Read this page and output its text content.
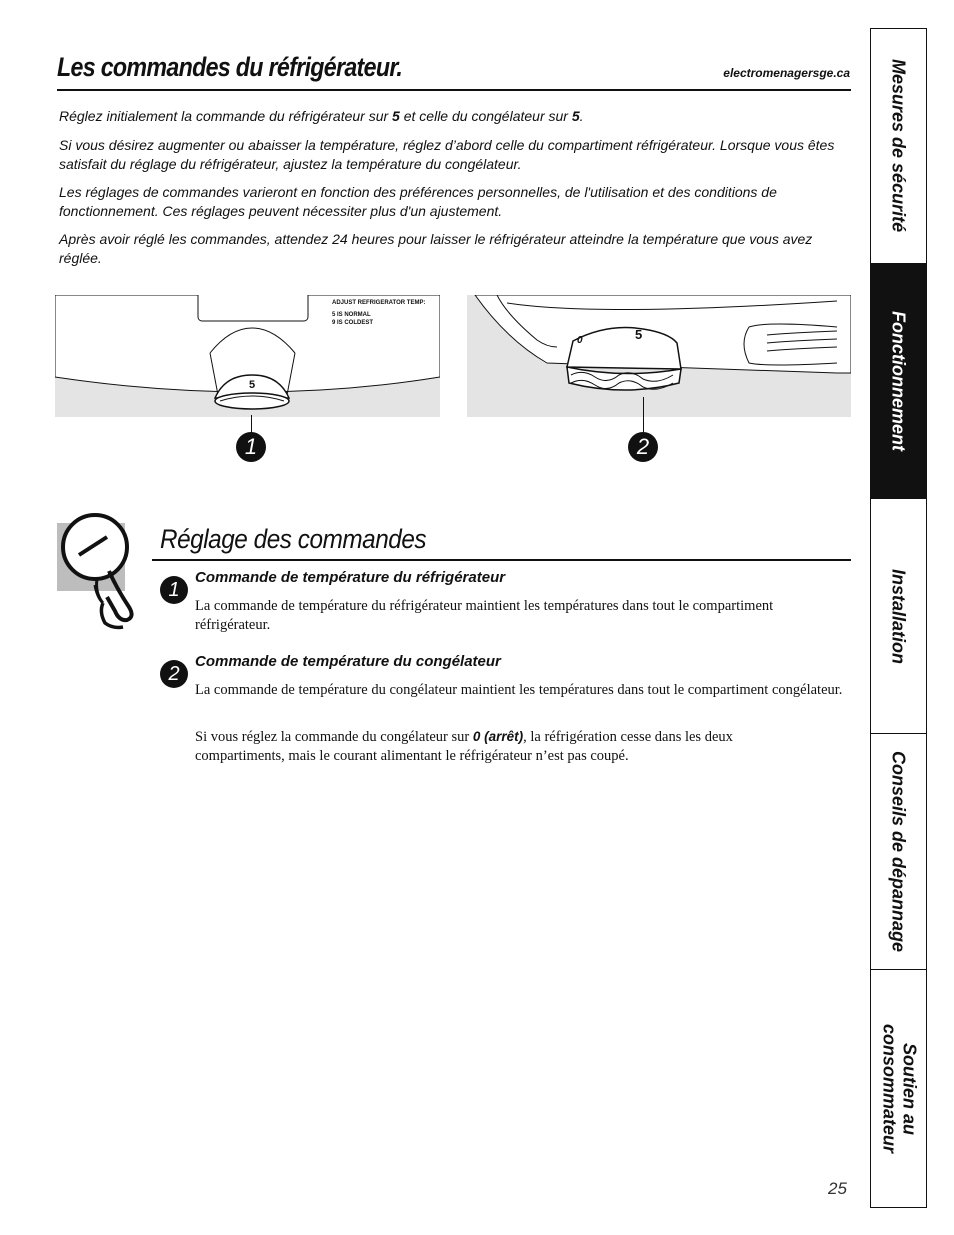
Les commandes du réfrigérateur.	electromenagersge.ca

Réglez initialement la commande du réfrigérateur sur 5 et celle du congélateur sur 5.

Si vous désirez augmenter ou abaisser la température, réglez d’abord celle du compartiment réfrigérateur. Lorsque vous êtes satisfait du réglage du réfrigérateur, ajustez la température du congélateur.

Les réglages de commandes varieront en fonction des préférences personnelles, de l'utilisation et des conditions de fonctionnement. Ces réglages peuvent nécessiter plus d'un ajustement.

Après avoir réglé les commandes, attendez 24 heures pour laisser le réfrigérateur atteindre la température que vous avez réglée.

ADJUST REFRIGERATOR TEMP:
5 IS NORMAL
9 IS COLDEST
5
1
0	5
2
Réglage des commandes
1
Commande de température du réfrigérateur
La commande de température du réfrigérateur maintient les températures dans tout le compartiment réfrigérateur.
2
Commande de température du congélateur
La commande de température du congélateur maintient les températures dans tout le compartiment congélateur.
Si vous réglez la commande du congélateur sur 0 (arrêt), la réfrigération cesse dans les deux compartiments, mais le courant alimentant le réfrigérateur n’est pas coupé.
Mesures de sécurité
Fonctionnement
Installation
Conseils de dépannage
Soutien au consommateur
25
